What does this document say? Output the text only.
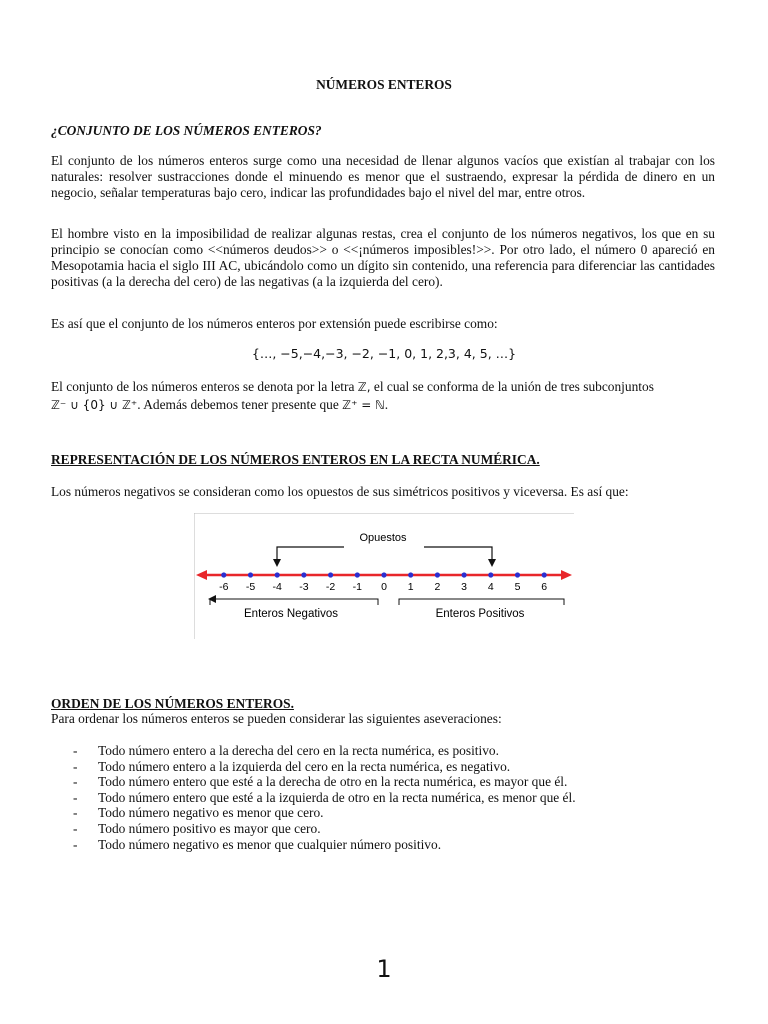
NÚMEROS ENTEROS
¿CONJUNTO DE LOS NÚMEROS ENTEROS?

El conjunto de los números enteros surge como una necesidad de llenar algunos vacíos que existían al trabajar con los naturales: resolver sustracciones donde el minuendo es menor que el sustraendo, expresar la pérdida de dinero en un negocio, señalar temperaturas bajo cero, indicar las profundidades bajo el nivel del mar, entre otros.

El hombre visto en la imposibilidad de realizar algunas restas, crea el conjunto de los números negativos, los que en su principio se conocían como <<números deudos>> o <<¡números imposibles!>>. Por otro lado, el número 0 apareció en Mesopotamia hacia el siglo III AC, ubicándolo como un dígito sin contenido, una referencia para diferenciar las cantidades positivas (a la derecha del cero) de las negativas (a la izquierda del cero).

Es así que el conjunto de los números enteros por extensión puede escribirse como:

{…, −5,−4,−3, −2, −1, 0, 1, 2,3, 4, 5, …}

El conjunto de los números enteros se denota por la letra ℤ, el cual se conforma de la unión de tres subconjuntos
ℤ⁻ ∪ {0} ∪ ℤ⁺. Además debemos tener presente que ℤ⁺ = ℕ.

REPRESENTACIÓN DE LOS NÚMEROS ENTEROS EN LA RECTA NUMÉRICA.

Los números negativos se consideran como los opuestos de sus simétricos positivos y viceversa. Es así que:

Opuestos
-6 -5 -4 -3 -2 -1 0 1 2 3 4 5 6
Enteros Negativos	Enteros Positivos
ORDEN DE LOS NÚMEROS ENTEROS.

Para ordenar los números enteros se pueden considerar las siguientes aseveraciones:

- Todo número entero a la derecha del cero en la recta numérica, es positivo.
- Todo número entero a la izquierda del cero en la recta numérica, es negativo.
- Todo número entero que esté a la derecha de otro en la recta numérica, es mayor que él.
- Todo número entero que esté a la izquierda de otro en la recta numérica, es menor que él.
- Todo número negativo es menor que cero.
- Todo número positivo es mayor que cero.
- Todo número negativo es menor que cualquier número positivo.
1
